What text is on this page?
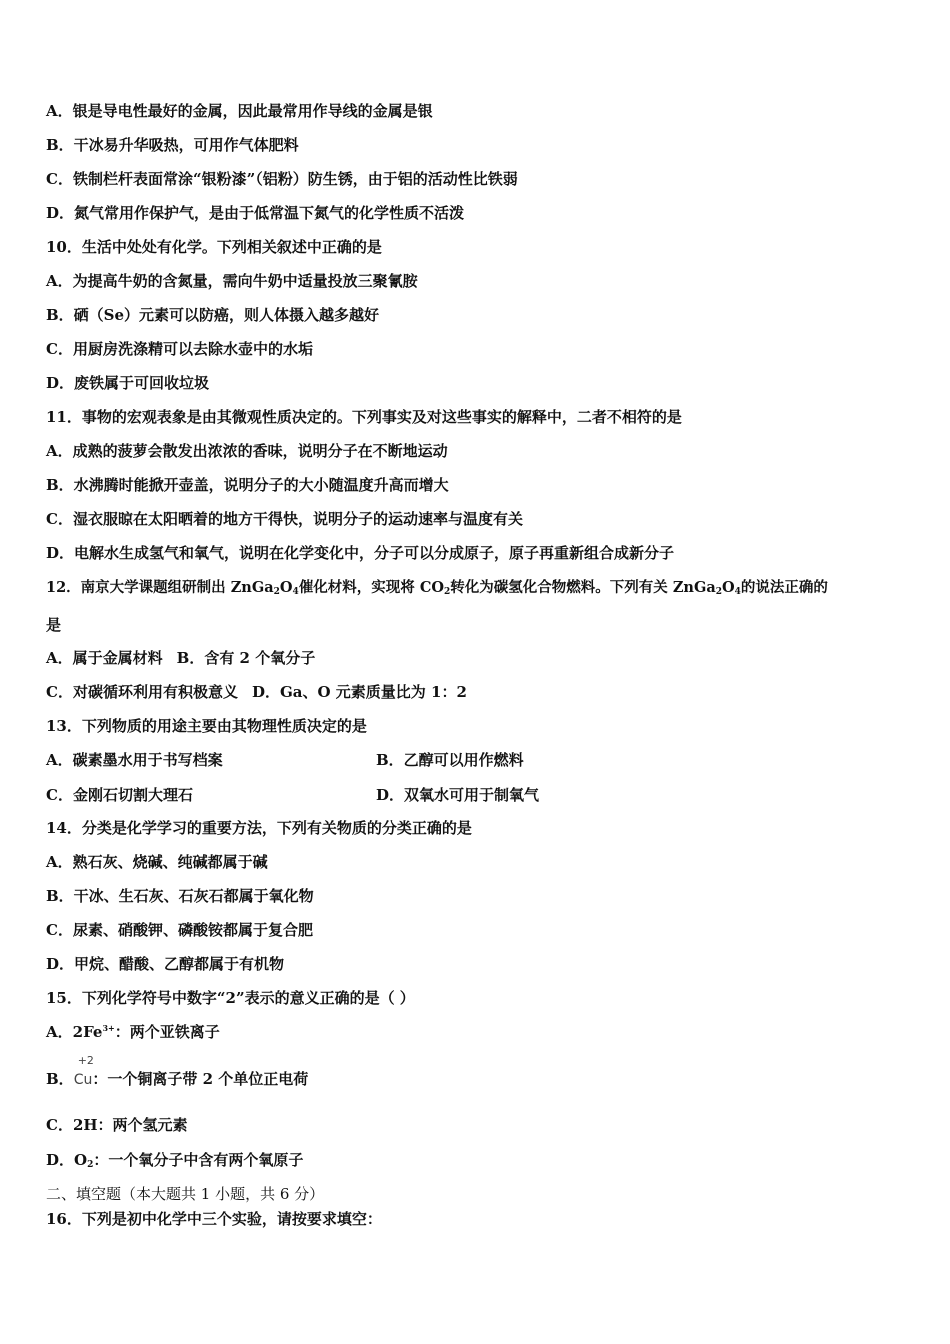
A．银是导电性最好的金属，因此最常用作导线的金属是银
B．干冰易升华吸热，可用作气体肥料
C．铁制栏杆表面常涂“银粉漆”（铝粉）防生锈，由于铝的活动性比铁弱
D．氮气常用作保护气，是由于低常温下氮气的化学性质不活泼
10．生活中处处有化学。下列相关叙述中正确的是
A．为提高牛奶的含氮量，需向牛奶中适量投放三聚氰胺
B．硒（Se）元素可以防癌，则人体摄入越多越好
C．用厨房洗涤精可以去除水壶中的水垢
D．废铁属于可回收垃圾
11．事物的宏观表象是由其微观性质决定的。下列事实及对这些事实的解释中，二者不相符的是
A．成熟的菠萝会散发出浓浓的香味，说明分子在不断地运动
B．水沸腾时能掀开壶盖，说明分子的大小随温度升高而增大
C．湿衣服晾在太阳晒着的地方干得快，说明分子的运动速率与温度有关
D．电解水生成氢气和氧气，说明在化学变化中，分子可以分成原子，原子再重新组合成新分子
12．南京大学课题组研制出 $ZnGa_2O_4$催化材料，实现将 $CO_2$转化为碳氢化合物燃料。下列有关 $ZnGa_2O_4$的说法正确的
是
A．属于金属材料 B．含有 2 个氧分子
C．对碳循环利用有积极意义 D．Ga、O 元素质量比为 1：2
13．下列物质的用途主要由其物理性质决定的是
A．碳素墨水用于书写档案	B．乙醇可以用作燃料
C．金刚石切割大理石	D．双氧水可用于制氧气
14．分类是化学学习的重要方法，下列有关物质的分类正确的是
A．熟石灰、烧碱、纯碱都属于碱
B．干冰、生石灰、石灰石都属于氧化物
C．尿素、硝酸钾、磷酸铵都属于复合肥
D．甲烷、醋酸、乙醇都属于有机物
15．下列化学符号中数字“2”表示的意义正确的是（ ）
A．$2Fe^{3+}$：两个亚铁离子
B．
+2
Cu：一个铜离子带 2 个单位正电荷
C．2H：两个氢元素
D．$O_2$：一个氧分子中含有两个氧原子
二、填空题（本大题共 1 小题，共 6 分）
16．下列是初中化学中三个实验，请按要求填空：
